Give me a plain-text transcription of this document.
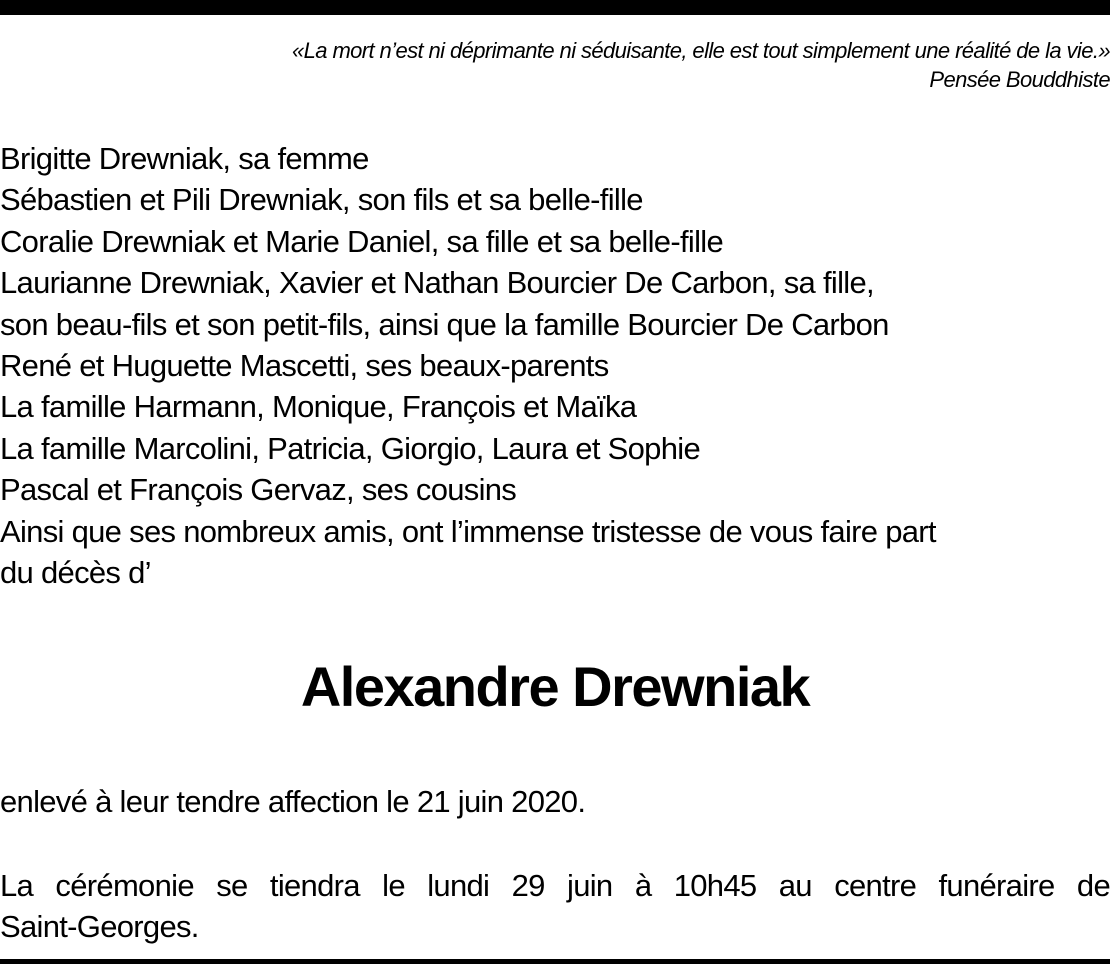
«La mort n’est ni déprimante ni séduisante, elle est tout simplement une réalité de la vie.»
Pensée Bouddhiste
Brigitte Drewniak, sa femme
Sébastien et Pili Drewniak, son fils et sa belle-fille
Coralie Drewniak et Marie Daniel, sa fille et sa belle-fille
Laurianne Drewniak, Xavier et Nathan Bourcier De Carbon, sa fille,
son beau-fils et son petit-fils, ainsi que la famille Bourcier De Carbon
René et Huguette Mascetti, ses beaux-parents
La famille Harmann, Monique, François et Maïka
La famille Marcolini, Patricia, Giorgio, Laura et Sophie
Pascal et François Gervaz, ses cousins
Ainsi que ses nombreux amis, ont l’immense tristesse de vous faire part
du décès d’
Alexandre Drewniak
enlevé à leur tendre affection le 21 juin 2020.
La cérémonie se tiendra le lundi 29 juin à 10h45 au centre funéraire de
Saint-Georges.
